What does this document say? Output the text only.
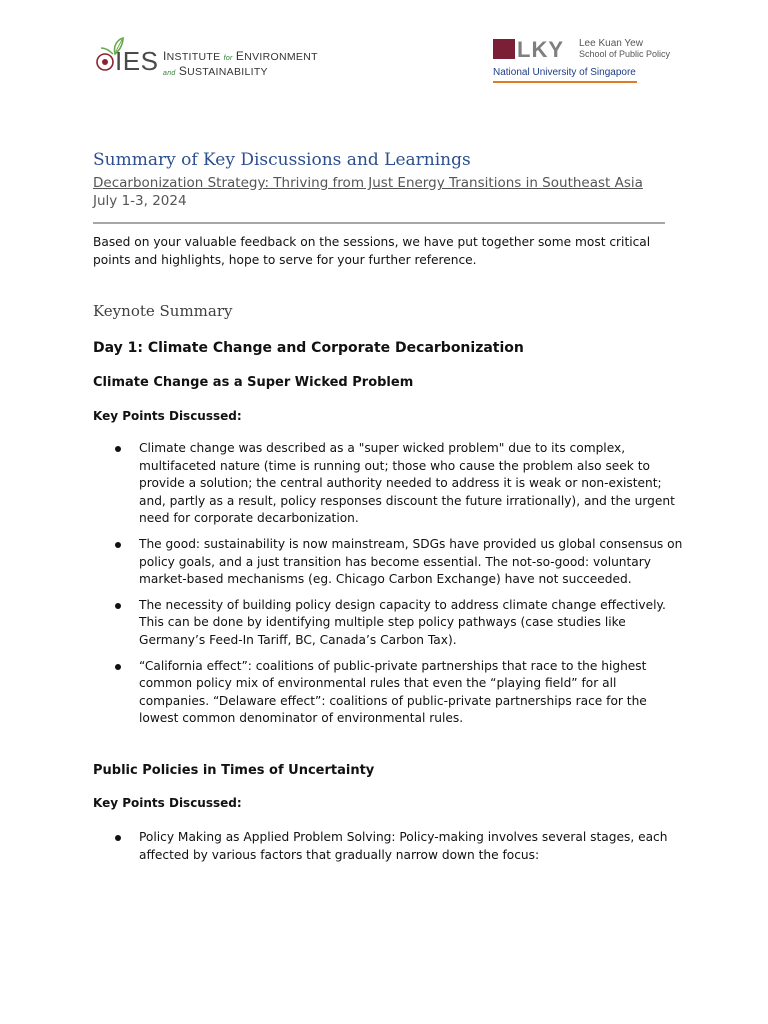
IES INSTITUTE for ENVIRONMENT
and SUSTAINABILITY
LKY Lee Kuan Yew
School of Public Policy
National University of Singapore
Summary of Key Discussions and Learnings
Decarbonization Strategy: Thriving from Just Energy Transitions in Southeast Asia
July 1-3, 2024
Based on your valuable feedback on the sessions, we have put together some most critical points and highlights, hope to serve for your further reference.
Keynote Summary
Day 1: Climate Change and Corporate Decarbonization
Climate Change as a Super Wicked Problem
Key Points Discussed:
Climate change was described as a "super wicked problem" due to its complex, multifaceted nature (time is running out; those who cause the problem also seek to provide a solution; the central authority needed to address it is weak or non-existent; and, partly as a result, policy responses discount the future irrationally), and the urgent need for corporate decarbonization.
The good: sustainability is now mainstream, SDGs have provided us global consensus on policy goals, and a just transition has become essential. The not-so-good: voluntary market-based mechanisms (eg. Chicago Carbon Exchange) have not succeeded.
The necessity of building policy design capacity to address climate change effectively. This can be done by identifying multiple step policy pathways (case studies like Germany’s Feed-In Tariff, BC, Canada’s Carbon Tax).
“California effect”: coalitions of public-private partnerships that race to the highest common policy mix of environmental rules that even the “playing field” for all companies. “Delaware effect”: coalitions of public-private partnerships race for the lowest common denominator of environmental rules.
Public Policies in Times of Uncertainty
Key Points Discussed:
Policy Making as Applied Problem Solving: Policy-making involves several stages, each affected by various factors that gradually narrow down the focus:
